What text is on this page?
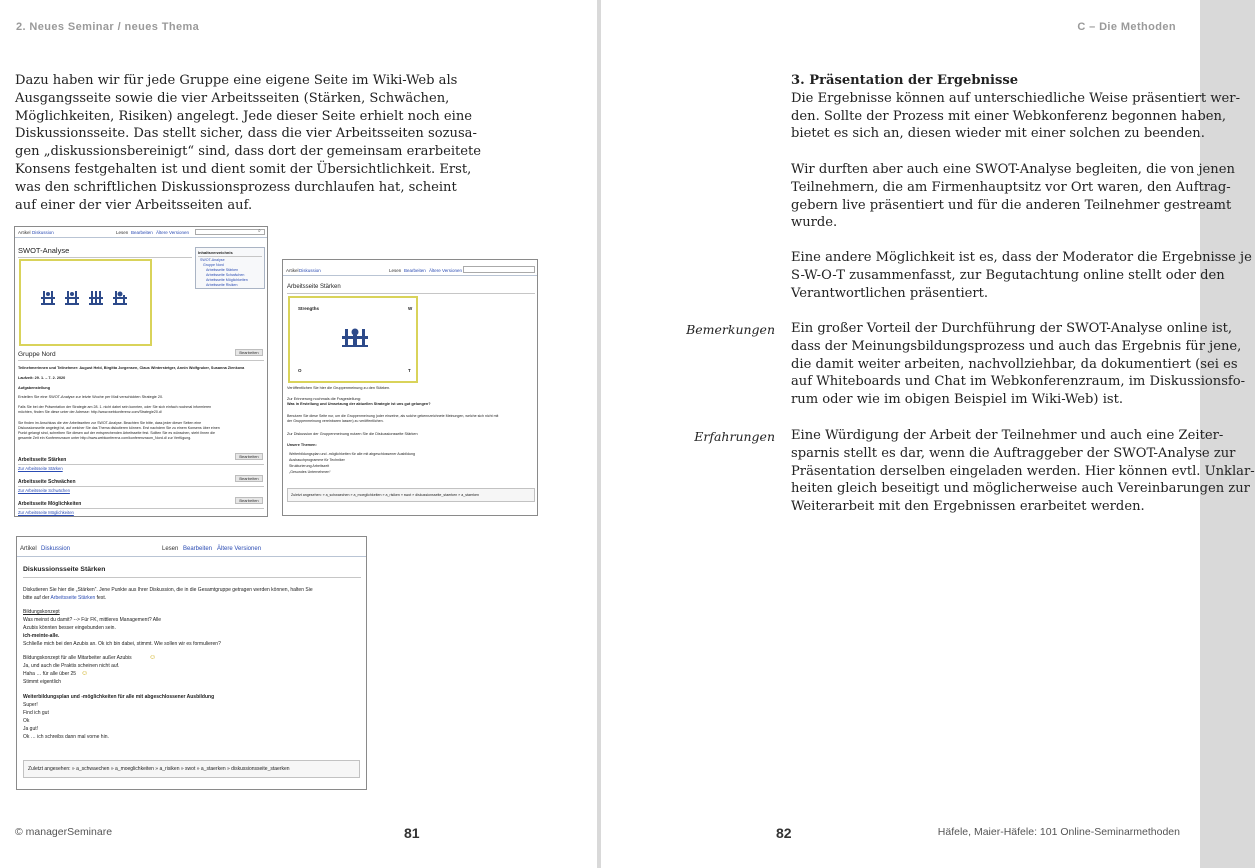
2. Neues Seminar / neues Thema

Dazu haben wir für jede Gruppe eine eigene Seite im Wiki-Web als

Ausgangsseite sowie die vier Arbeitsseiten (Stärken, Schwächen,

Möglichkeiten, Risiken) angelegt. Jede dieser Seite erhielt noch eine

Diskussionsseite. Das stellt sicher, dass die vier Arbeitsseiten sozusa-

gen „diskussionsbereinigt“ sind, dass dort der gemeinsam erarbeitete

Konsens festgehalten ist und dient somit der Übersichtlichkeit. Erst,

was den schriftlichen Diskussionsprozess durchlaufen hat, scheint

auf einer der vier Arbeitsseiten auf.

Artikel Diskussion	Lesen Bearbeiten Ältere Versionen	⌕
SWOT-Analyse	Inhaltsverzeichnis
SWOT-Analyse
Gruppe Nord
Arbeitsseite Stärken
Arbeitsseite Schwächen
Arbeitsseite Möglichkeiten
Arbeitsseite Risiken
Bearbeiten
Gruppe Nord
Teilnehmerinnen und Teilnehmer: August Held, Birgitta Jorgensen, Claus Winterstetger, Annin Wolfgruber, Susanna Zienkova
Laufzeit: 29. 1. – 7. 2. 2020
Aufgabenstellung
Erstellen Sie eine SWOT-Analyse zur letzte Woche per Mail verschickten Strategie 20.
Falls Sie bei der Präsentation der Strategie am 28. 1. nicht dabei sein konnten, oder Sie sich einfach nochmal informieren
möchten, finden Sie diese unter der Adresse: http://www.webkonferenz.com/Strategie20.d/
Sie finden im Anschluss die vier Arbeitsseiten zur SWOT-Analyse. Beachten Sie bitte, dass jeder dieser Seiten eine
Diskussionsseite angelegt ist, auf welcher Sie das Thema diskutieren können. Erst nachdem Sie zu einem Konsens über einen
Punkt gelangt sind, schreiben Sie diesen auf der entsprechenden Arbeitsseite fest. Sollten Sie es wünschen, steht Ihnen die
gesamte Zeit ein Konferenzraum unter http://www.webkonferenz.com/konferenzraum_Nord.d/ zur Verfügung.
Bearbeiten
Arbeitsseite Stärken
Zur Arbeitsseite Stärken
Bearbeiten
Arbeitsseite Schwächen
Zur Arbeitsseite Schwächen
Bearbeiten
Arbeitsseite Möglichkeiten
Zur Arbeitsseite Möglichkeiten
Artikel Diskussion	Lesen Bearbeiten Ältere Versionen
Arbeitsseite Stärken
Strengths	W
O	T
Veröffentlichen Sie hier die Gruppenmeinung zu den Stärken.
Zur Erinnerung nochmals die Fragestellung:
Was in Erstellung und Umsetzung der aktuellen Strategie ist uns gut gelungen?
Benutzen Sie diese Seite nur, um die Gruppenmeinung (oder einzelne, als solche gekennzeichnete Meinungen, welche sich nicht mit
der Gruppenmeinung vereinbaren lassen) zu veröffentlichen.
Zur Diskussion der Gruppenmeinung nutzen Sie die Diskussionsseite Stärken
Unsere Themen:
Weiterbildungsplan und -möglichkeiten für alle mit abgeschlossener Ausbildung
Ausbauchprogramme für Techniker
Strukturierung Arbeitszeit
„Gesundes Unternehmen“
Zuletzt angesehen: » a_schwaechen » a_moeglichkeiten » a_risiken » swot » diskussionsseite_staerken » a_staerken
Artikel Diskussion	Lesen Bearbeiten Ältere Versionen
Diskussionsseite Stärken
Diskutieren Sie hier die „Stärken“. Jene Punkte aus Ihrer Diskussion, die in die Gesamtgruppe getragen werden können, halten Sie
bitte auf der Arbeitsseite Stärken fest.
Bildungskonzept
Was meinst du damit? --> Für FK, mittleres Management? Alle
Azubis könnten besser eingebunden sein.
ich-meinte-alle.
Schließe mich bei den Azubis an. Ok ich bin dabei, stimmt. Wie sollen wir es formulieren?
Bildungskonzept für alle Mitarbeiter außer Azubis ☺
Ja, und auch die Praktis scheinen nicht auf.
Haha … für alle über 25 ☺
Stimmt eigentlich
Weiterbildungsplan und -möglichkeiten für alle mit abgeschlossener Ausbildung
Super!
Find ich gut
Ok
Ja gut!
Ok … ich schreibs dann mal vorne hin.
Zuletzt angesehen: » a_schwaechen » a_moeglichkeiten » a_risiken » swot » a_staerken » diskussionsseite_staerken
© managerSeminare	81
C – Die Methoden

3. Präsentation der Ergebnisse

Die Ergebnisse können auf unterschiedliche Weise präsentiert wer-

den. Sollte der Prozess mit einer Webkonferenz begonnen haben,

bietet es sich an, diesen wieder mit einer solchen zu beenden.

Wir durften aber auch eine SWOT-Analyse begleiten, die von jenen

Teilnehmern, die am Firmenhauptsitz vor Ort waren, den Auftrag-

gebern live präsentiert und für die anderen Teilnehmer gestreamt

wurde.

Eine andere Möglichkeit ist es, dass der Moderator die Ergebnisse je

S-W-O-T zusammenfasst, zur Begutachtung online stellt oder den

Verantwortlichen präsentiert.

Bemerkungen Ein großer Vorteil der Durchführung der SWOT-Analyse online ist,

dass der Meinungsbildungsprozess und auch das Ergebnis für jene,

die damit weiter arbeiten, nachvollziehbar, da dokumentiert (sei es

auf Whiteboards und Chat im Webkonferenzraum, im Diskussionsfo-

rum oder wie im obigen Beispiel im Wiki-Web) ist.

Erfahrungen Eine Würdigung der Arbeit der Teilnehmer und auch eine Zeiter-

sparnis stellt es dar, wenn die Auftraggeber der SWOT-Analyse zur

Präsentation derselben eingeladen werden. Hier können evtl. Unklar-

heiten gleich beseitigt und möglicherweise auch Vereinbarungen zur

Weiterarbeit mit den Ergebnissen erarbeitet werden.

82	Häfele, Maier-Häfele: 101 Online-Seminarmethoden
